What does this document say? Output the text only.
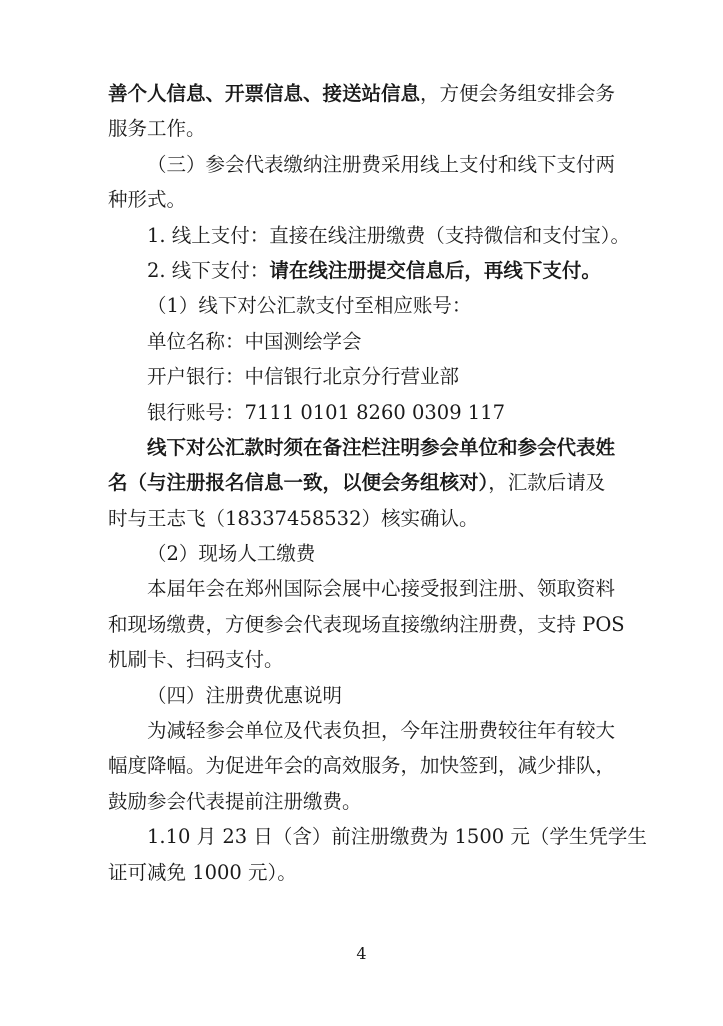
善个人信息、开票信息、接送站信息，方便会务组安排会务
服务工作。
（三）参会代表缴纳注册费采用线上支付和线下支付两
种形式。
1. 线上支付：直接在线注册缴费（支持微信和支付宝）。
2. 线下支付：请在线注册提交信息后，再线下支付。
（1）线下对公汇款支付至相应账号：
单位名称：中国测绘学会
开户银行：中信银行北京分行营业部
银行账号：7111 0101 8260 0309 117
线下对公汇款时须在备注栏注明参会单位和参会代表姓
名（与注册报名信息一致，以便会务组核对），汇款后请及
时与王志飞（18337458532）核实确认。
（2）现场人工缴费
本届年会在郑州国际会展中心接受报到注册、领取资料
和现场缴费，方便参会代表现场直接缴纳注册费，支持 POS
机刷卡、扫码支付。
（四）注册费优惠说明
为减轻参会单位及代表负担，今年注册费较往年有较大
幅度降幅。为促进年会的高效服务，加快签到，减少排队，
鼓励参会代表提前注册缴费。
1.10 月 23 日（含）前注册缴费为 1500 元（学生凭学生
证可减免 1000 元）。
4
